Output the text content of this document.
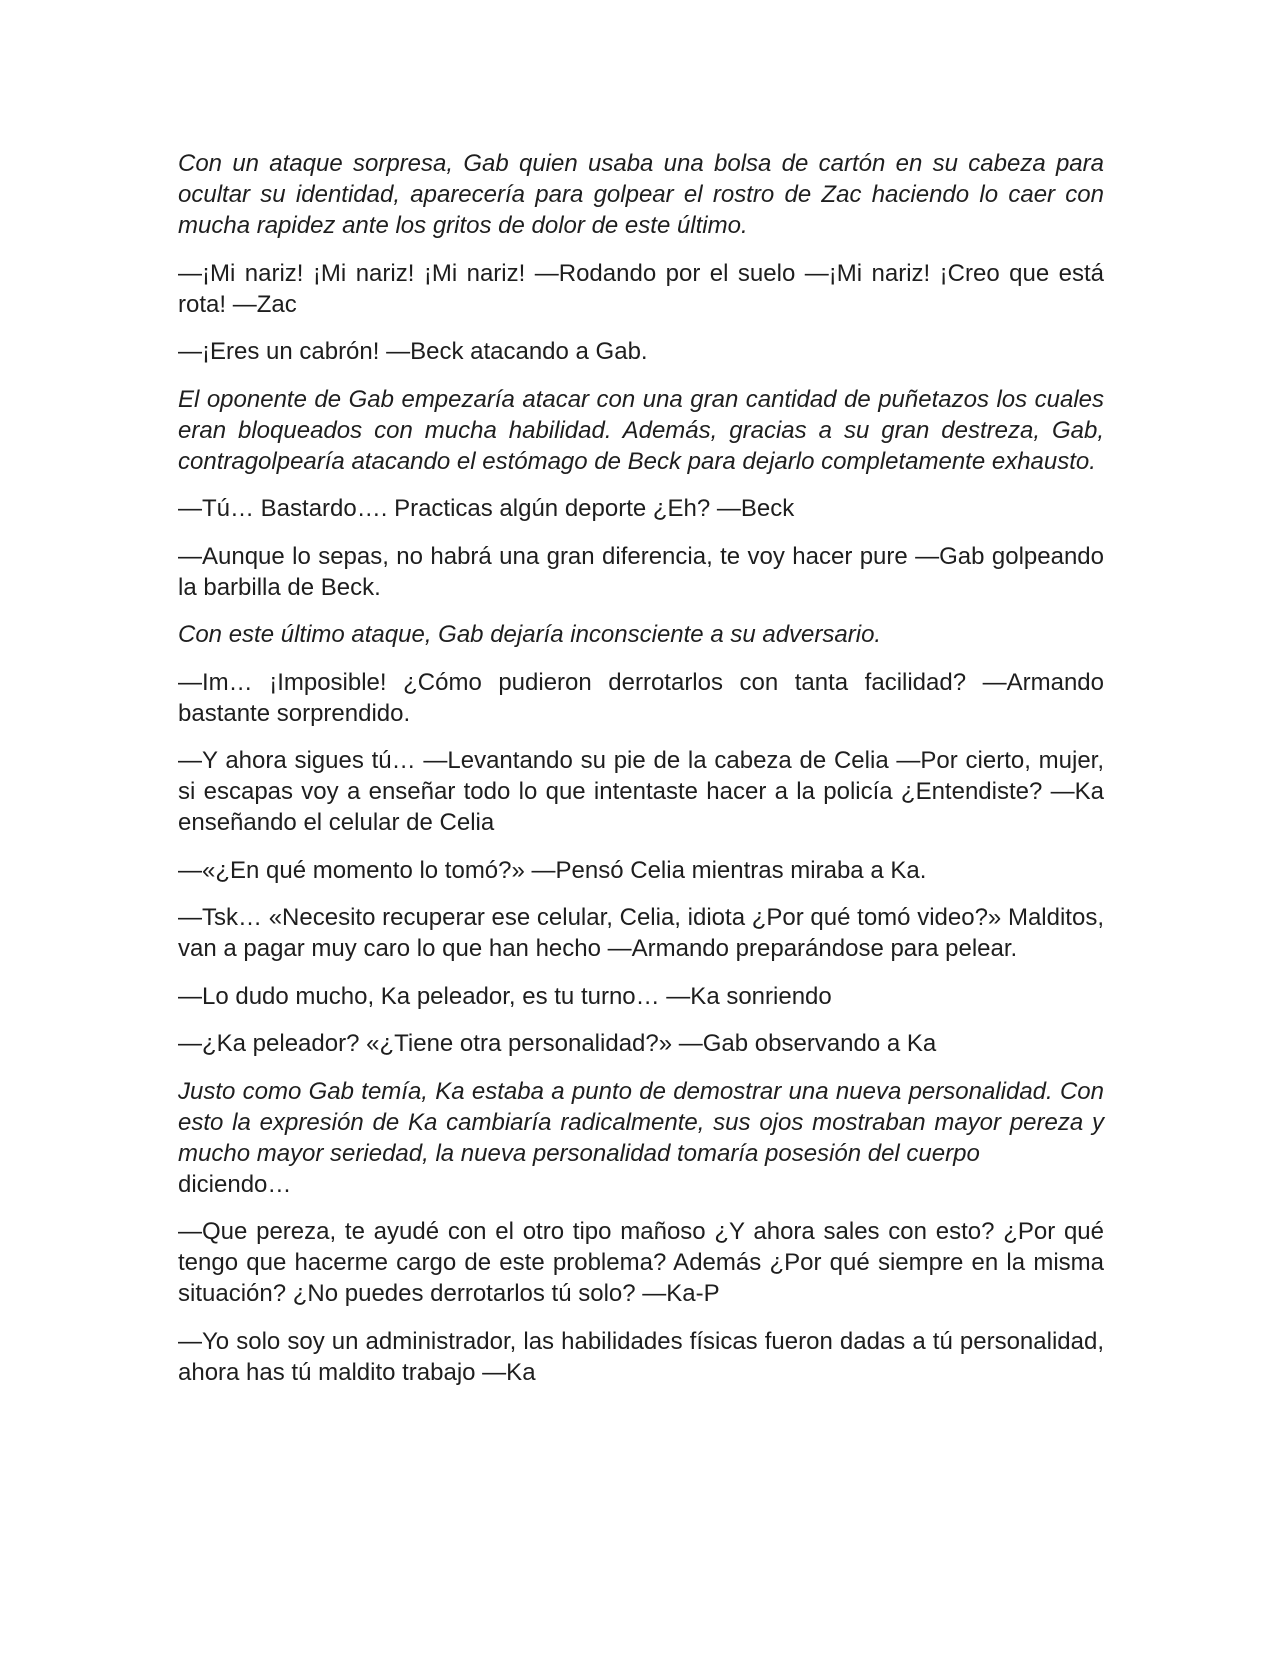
Con un ataque sorpresa, Gab quien usaba una bolsa de cartón en su cabeza para ocultar su identidad, aparecería para golpear el rostro de Zac haciendo lo caer con mucha rapidez ante los gritos de dolor de este último.

—¡Mi nariz! ¡Mi nariz! ¡Mi nariz! —Rodando por el suelo —¡Mi nariz! ¡Creo que está rota! —Zac

—¡Eres un cabrón! —Beck atacando a Gab.

El oponente de Gab empezaría atacar con una gran cantidad de puñetazos los cuales eran bloqueados con mucha habilidad. Además, gracias a su gran destreza, Gab, contragolpearía atacando el estómago de Beck para dejarlo completamente exhausto.

—Tú… Bastardo…. Practicas algún deporte ¿Eh? —Beck

—Aunque lo sepas, no habrá una gran diferencia, te voy hacer pure —Gab golpeando la barbilla de Beck.

Con este último ataque, Gab dejaría inconsciente a su adversario.

—Im… ¡Imposible! ¿Cómo pudieron derrotarlos con tanta facilidad? —Armando bastante sorprendido.

—Y ahora sigues tú… —Levantando su pie de la cabeza de Celia —Por cierto, mujer, si escapas voy a enseñar todo lo que intentaste hacer a la policía ¿Entendiste? —Ka enseñando el celular de Celia

—«¿En qué momento lo tomó?» —Pensó Celia mientras miraba a Ka.

—Tsk… «Necesito recuperar ese celular, Celia, idiota ¿Por qué tomó video?» Malditos, van a pagar muy caro lo que han hecho —Armando preparándose para pelear.

—Lo dudo mucho, Ka peleador, es tu turno… —Ka sonriendo

—¿Ka peleador? «¿Tiene otra personalidad?» —Gab observando a Ka

Justo como Gab temía, Ka estaba a punto de demostrar una nueva personalidad. Con esto la expresión de Ka cambiaría radicalmente, sus ojos mostraban mayor pereza y mucho mayor seriedad, la nueva personalidad tomaría posesión del cuerpo
diciendo…

—Que pereza, te ayudé con el otro tipo mañoso ¿Y ahora sales con esto? ¿Por qué tengo que hacerme cargo de este problema? Además ¿Por qué siempre en la misma situación? ¿No puedes derrotarlos tú solo? —Ka-P

—Yo solo soy un administrador, las habilidades físicas fueron dadas a tú personalidad, ahora has tú maldito trabajo —Ka
